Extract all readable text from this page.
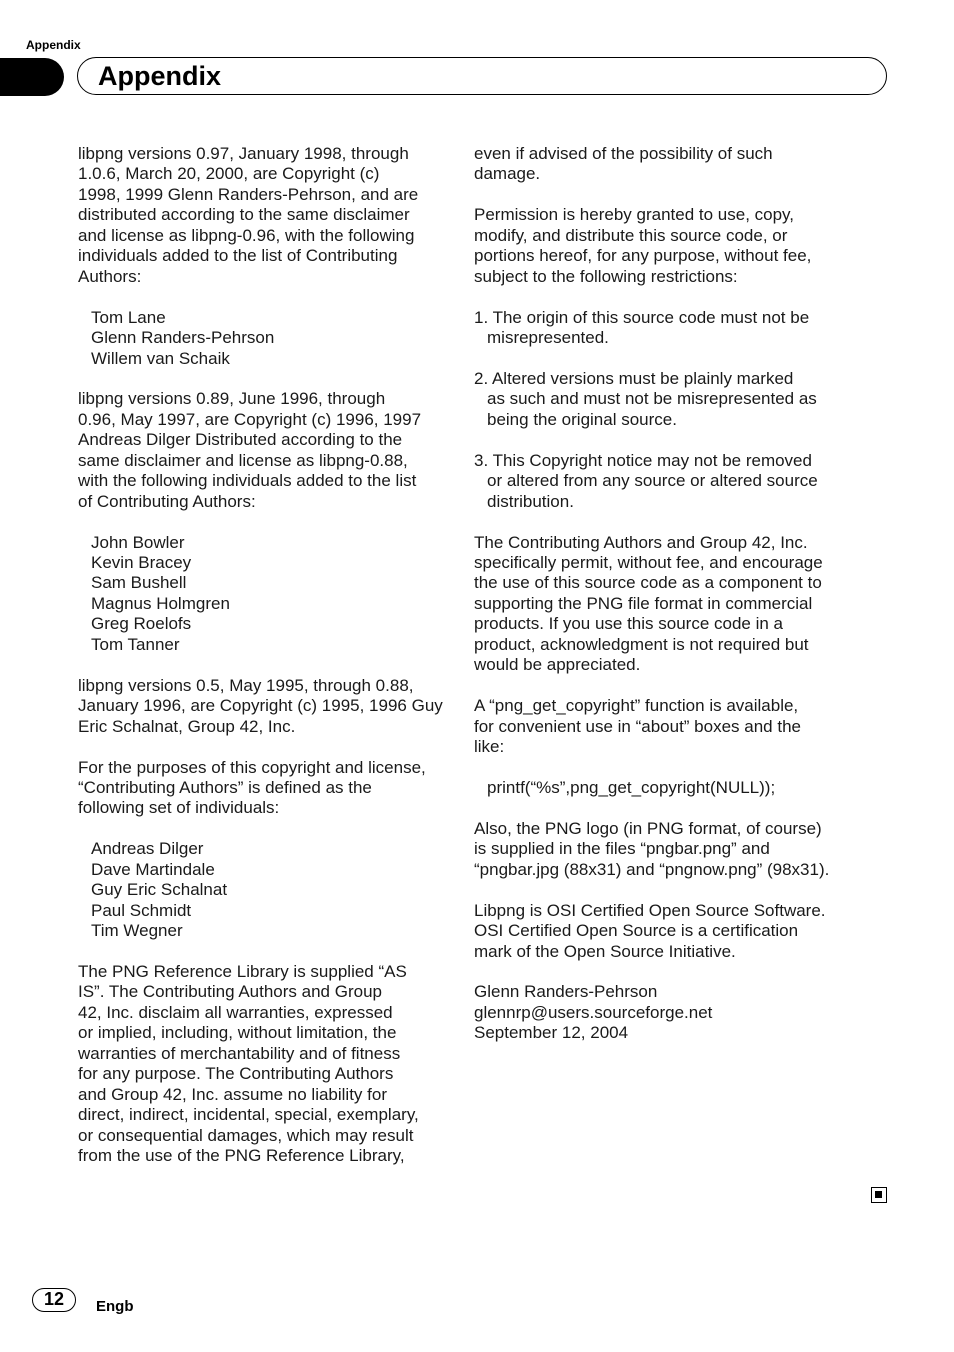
Appendix
Appendix

libpng versions 0.97, January 1998, through
1.0.6, March 20, 2000, are Copyright (c)
1998, 1999 Glenn Randers-Pehrson, and are
distributed according to the same disclaimer
and license as libpng-0.96, with the following
individuals added to the list of Contributing
Authors:

Tom Lane

Glenn Randers-Pehrson

Willem van Schaik

libpng versions 0.89, June 1996, through
0.96, May 1997, are Copyright (c) 1996, 1997
Andreas Dilger Distributed according to the
same disclaimer and license as libpng-0.88,
with the following individuals added to the list
of Contributing Authors:

John Bowler

Kevin Bracey

Sam Bushell

Magnus Holmgren

Greg Roelofs

Tom Tanner

libpng versions 0.5, May 1995, through 0.88,
January 1996, are Copyright (c) 1995, 1996 Guy
Eric Schalnat, Group 42, Inc.

For the purposes of this copyright and license,
“Contributing Authors” is defined as the
following set of individuals:

Andreas Dilger

Dave Martindale

Guy Eric Schalnat

Paul Schmidt

Tim Wegner

The PNG Reference Library is supplied “AS
IS”. The Contributing Authors and Group
42, Inc. disclaim all warranties, expressed
or implied, including, without limitation, the
warranties of merchantability and of fitness
for any purpose. The Contributing Authors
and Group 42, Inc. assume no liability for
direct, indirect, incidental, special, exemplary,
or consequential damages, which may result
from the use of the PNG Reference Library,

even if advised of the possibility of such
damage.

Permission is hereby granted to use, copy,
modify, and distribute this source code, or
portions hereof, for any purpose, without fee,
subject to the following restrictions:

1. The origin of this source code must not be
misrepresented.

2. Altered versions must be plainly marked
as such and must not be misrepresented as
being the original source.

3. This Copyright notice may not be removed
or altered from any source or altered source
distribution.

The Contributing Authors and Group 42, Inc.
specifically permit, without fee, and encourage
the use of this source code as a component to
supporting the PNG file format in commercial
products. If you use this source code in a
product, acknowledgment is not required but
would be appreciated.

A “png_get_copyright” function is available,
for convenient use in “about” boxes and the
like:

printf(“%s”,png_get_copyright(NULL));

Also, the PNG logo (in PNG format, of course)
is supplied in the files “pngbar.png” and
“pngbar.jpg (88x31) and “pngnow.png” (98x31).

Libpng is OSI Certified Open Source Software.
OSI Certified Open Source is a certification
mark of the Open Source Initiative.

Glenn Randers-Pehrson
glennrp@users.sourceforge.net
September 12, 2004

12	Engb
